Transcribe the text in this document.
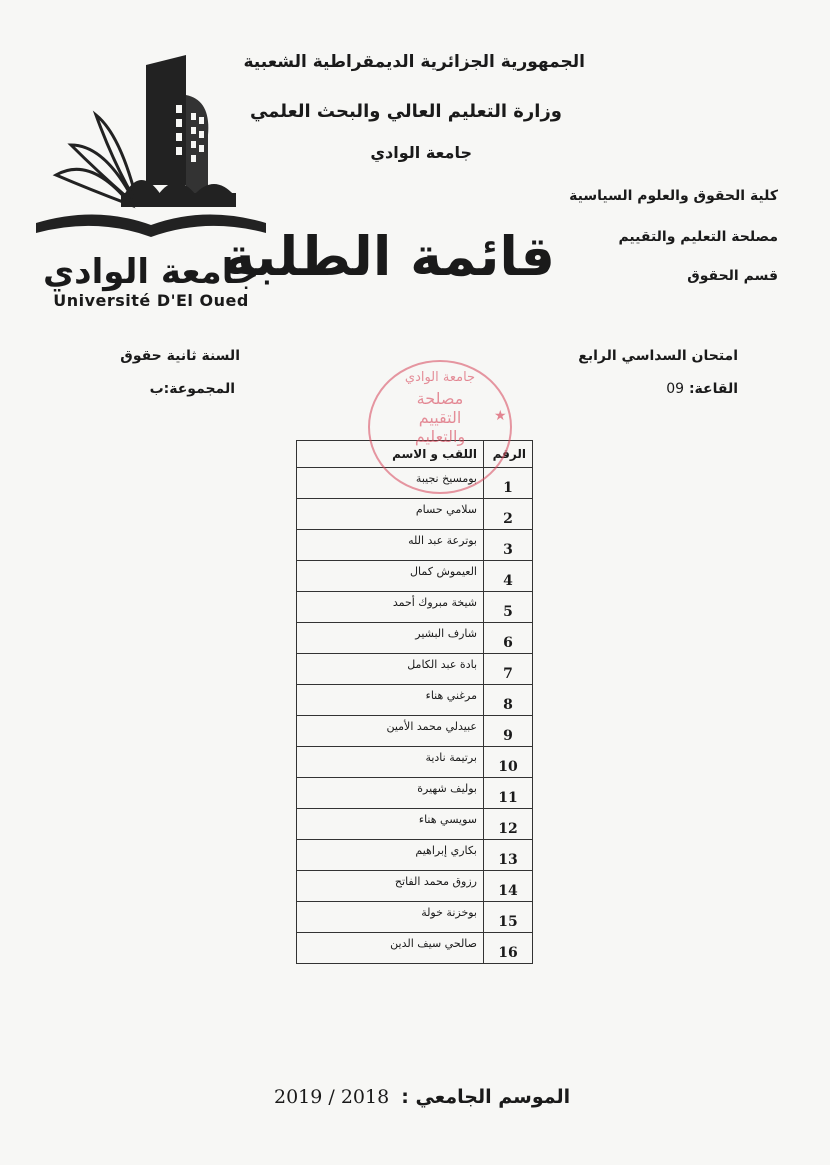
الجمهورية الجزائرية الديمقراطية الشعبية
وزارة التعليم العالي والبحث العلمي
جامعة الوادي
كلية الحقوق والعلوم السياسية
مصلحة التعليم والتقييم
قسم الحقوق
جامعة الوادي
Université D'El Oued
قائمة الطلبة
امتحان السداسي الرابع
القاعة: 09
السنة ثانية حقوق
المجموعة:ب
الرقم	اللقب و الاسم
1	بومسيخ نجيبة
2	سلامي حسام
3	بوترعة عبد الله
4	العيموش كمال
5	شيخة مبروك أحمد
6	شارف البشير
7	بادة عبد الكامل
8	مرغني هناء
9	عبيدلي محمد الأمين
10	برتيمة نادية
11	بوليف شهيرة
12	سويسي هناء
13	بكاري إبراهيم
14	رزوق محمد الفاتح
15	بوخزنة خولة
16	صالحي سيف الدين
جامعة الوادي
مصلحة
التقييم
والتعليم
★
2019 / 2018 الموسم الجامعي :
